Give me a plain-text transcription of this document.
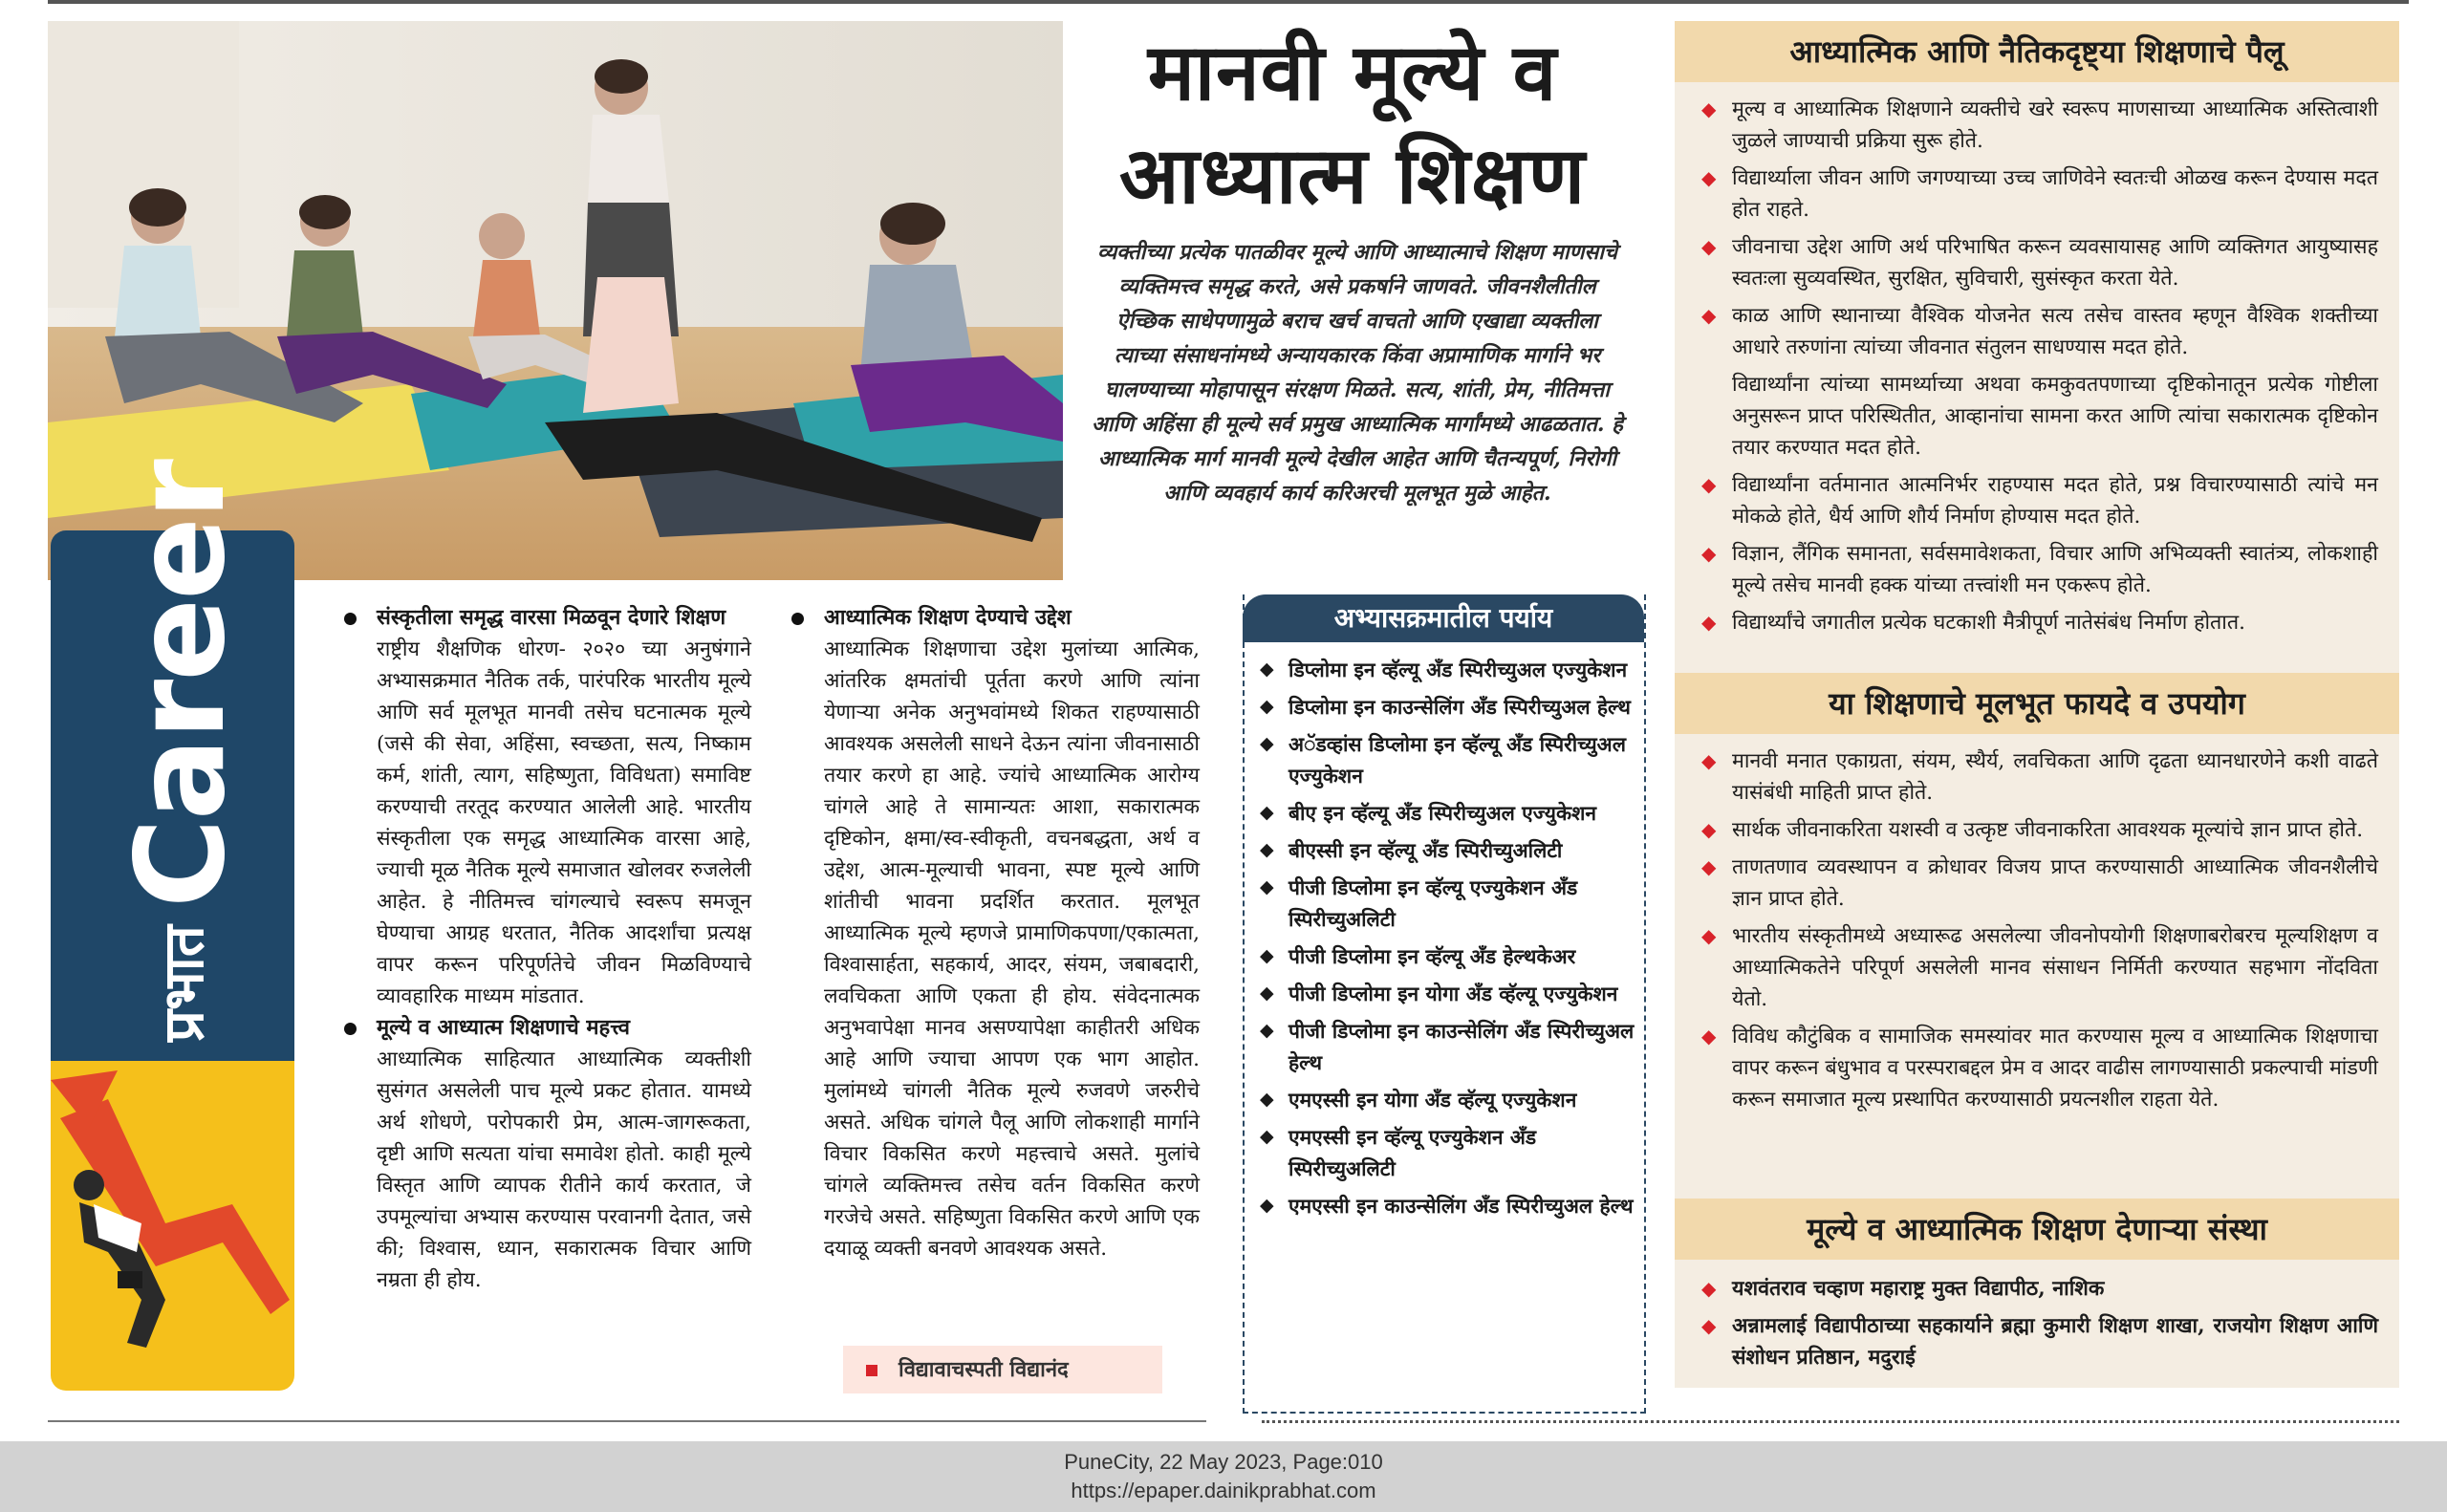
मानवी मूल्ये व
आध्यात्म शिक्षण
व्यक्तीच्या प्रत्येक पातळीवर मूल्ये आणि आध्यात्माचे शिक्षण माणसाचे व्यक्तिमत्त्व समृद्ध करते, असे प्रकर्षाने जाणवते. जीवनशैलीतील ऐच्छिक साधेपणामुळे बराच खर्च वाचतो आणि एखाद्या व्यक्तीला त्याच्या संसाधनांमध्ये अन्यायकारक किंवा अप्रामाणिक मार्गाने भर घालण्याच्या मोहापासून संरक्षण मिळते. सत्य, शांती, प्रेम, नीतिमत्ता आणि अहिंसा ही मूल्ये सर्व प्रमुख आध्यात्मिक मार्गांमध्ये आढळतात. हे आध्यात्मिक मार्ग मानवी मूल्ये देखील आहेत आणि चैतन्यपूर्ण, निरोगी आणि व्यवहार्य कार्य करिअरची मूलभूत मुळे आहेत.
प्रभातCareer	संस्कृतीला समृद्ध वारसा मिळवून देणारे शिक्षण

राष्ट्रीय शैक्षणिक धोरण- २०२० च्या अनुषंगाने अभ्यासक्रमात नैतिक तर्क, पारंपरिक भारतीय मूल्ये आणि सर्व मूलभूत मानवी तसेच घटनात्मक मूल्ये (जसे की सेवा, अहिंसा, स्वच्छता, सत्य, निष्काम कर्म, शांती, त्याग, सहिष्णुता, विविधता) समाविष्ट करण्याची तरतूद करण्यात आलेली आहे. भारतीय संस्कृतीला एक समृद्ध आध्यात्मिक वारसा आहे, ज्याची मूळ नैतिक मूल्ये समाजात खोलवर रुजलेली आहेत. हे नीतिमत्त्व चांगल्याचे स्वरूप समजून घेण्याचा आग्रह धरतात, नैतिक आदर्शांचा प्रत्यक्ष वापर करून परिपूर्णतेचे जीवन मिळविण्याचे व्यावहारिक माध्यम मांडतात.

मूल्ये व आध्यात्म शिक्षणाचे महत्त्व

आध्यात्मिक साहित्यात आध्यात्मिक व्यक्तीशी सुसंगत असलेली पाच मूल्ये प्रकट होतात. यामध्ये अर्थ शोधणे, परोपकारी प्रेम, आत्म-जागरूकता, दृष्टी आणि सत्यता यांचा समावेश होतो. काही मूल्ये विस्तृत आणि व्यापक रीतीने कार्य करतात, जे उपमूल्यांचा अभ्यास करण्यास परवानगी देतात, जसे की; विश्वास, ध्यान, सकारात्मक विचार आणि नम्रता ही होय.

आध्यात्मिक शिक्षण देण्याचे उद्देश

आध्यात्मिक शिक्षणाचा उद्देश मुलांच्या आत्मिक, आंतरिक क्षमतांची पूर्तता करणे आणि त्यांना येणाऱ्या अनेक अनुभवांमध्ये शिकत राहण्यासाठी आवश्यक असलेली साधने देऊन त्यांना जीवनासाठी तयार करणे हा आहे. ज्यांचे आध्यात्मिक आरोग्य चांगले आहे ते सामान्यतः आशा, सकारात्मक दृष्टिकोन, क्षमा/स्व-स्वीकृती, वचनबद्धता, अर्थ व उद्देश, आत्म-मूल्याची भावना, स्पष्ट मूल्ये आणि शांतीची भावना प्रदर्शित करतात. मूलभूत आध्यात्मिक मूल्ये म्हणजे प्रामाणिकपणा/एकात्मता, विश्वासार्हता, सहकार्य, आदर, संयम, जबाबदारी, लवचिकता आणि एकता ही होय. संवेदनात्मक अनुभवापेक्षा मानव असण्यापेक्षा काहीतरी अधिक आहे आणि ज्याचा आपण एक भाग आहोत. मुलांमध्ये चांगली नैतिक मूल्ये रुजवणे जरुरीचे असते. अधिक चांगले पैलू आणि लोकशाही मार्गाने विचार विकसित करणे महत्त्वाचे असते. मुलांचे चांगले व्यक्तिमत्त्व तसेच वर्तन विकसित करणे गरजेचे असते. सहिष्णुता विकसित करणे आणि एक दयाळू व्यक्ती बनवणे आवश्यक असते.

विद्यावाचस्पती विद्यानंद
अभ्यासक्रमातील पर्याय
◆ डिप्लोमा इन व्हॅल्यू अँड स्पिरीच्युअल एज्युकेशन
◆ डिप्लोमा इन काउन्सेलिंग अँड स्पिरीच्युअल हेल्थ
◆ अॅडव्हांस डिप्लोमा इन व्हॅल्यू अँड स्पिरीच्युअल एज्युकेशन
◆ बीए इन व्हॅल्यू अँड स्पिरीच्युअल एज्युकेशन
◆ बीएस्सी इन व्हॅल्यू अँड स्पिरीच्युअलिटी
◆ पीजी डिप्लोमा इन व्हॅल्यू एज्युकेशन अँड स्पिरीच्युअलिटी
◆ पीजी डिप्लोमा इन व्हॅल्यू अँड हेल्थकेअर
◆ पीजी डिप्लोमा इन योगा अँड व्हॅल्यू एज्युकेशन
◆ पीजी डिप्लोमा इन काउन्सेलिंग अँड स्पिरीच्युअल हेल्थ
◆ एमएस्सी इन योगा अँड व्हॅल्यू एज्युकेशन
◆ एमएस्सी इन व्हॅल्यू एज्युकेशन अँड स्पिरीच्युअलिटी
◆ एमएस्सी इन काउन्सेलिंग अँड स्पिरीच्युअल हेल्थ
आध्यात्मिक आणि नैतिकदृष्ट्या शिक्षणाचे पैलू
◆ मूल्य व आध्यात्मिक शिक्षणाने व्यक्तीचे खरे स्वरूप माणसाच्या आध्यात्मिक अस्तित्वाशी जुळले जाण्याची प्रक्रिया सुरू होते.
◆ विद्यार्थ्याला जीवन आणि जगण्याच्या उच्च जाणिवेने स्वतःची ओळख करून देण्यास मदत होत राहते.
◆ जीवनाचा उद्देश आणि अर्थ परिभाषित करून व्यवसायासह आणि व्यक्तिगत आयुष्यासह स्वतःला सुव्यवस्थित, सुरक्षित, सुविचारी, सुसंस्कृत करता येते.
◆ काळ आणि स्थानाच्या वैश्विक योजनेत सत्य तसेच वास्तव म्हणून वैश्विक शक्तीच्या आधारे तरुणांना त्यांच्या जीवनात संतुलन साधण्यास मदत होते.
विद्यार्थ्यांना त्यांच्या सामर्थ्याच्या अथवा कमकुवतपणाच्या दृष्टिकोनातून प्रत्येक गोष्टीला अनुसरून प्राप्त परिस्थितीत, आव्हानांचा सामना करत आणि त्यांचा सकारात्मक दृष्टिकोन तयार करण्यात मदत होते.
◆ विद्यार्थ्यांना वर्तमानात आत्मनिर्भर राहण्यास मदत होते, प्रश्न विचारण्यासाठी त्यांचे मन मोकळे होते, धैर्य आणि शौर्य निर्माण होण्यास मदत होते.
◆ विज्ञान, लैंगिक समानता, सर्वसमावेशकता, विचार आणि अभिव्यक्ती स्वातंत्र्य, लोकशाही मूल्ये तसेच मानवी हक्क यांच्या तत्त्वांशी मन एकरूप होते.
◆ विद्यार्थ्यांचे जगातील प्रत्येक घटकाशी मैत्रीपूर्ण नातेसंबंध निर्माण होतात.
या शिक्षणाचे मूलभूत फायदे व उपयोग
◆ मानवी मनात एकाग्रता, संयम, स्थैर्य, लवचिकता आणि दृढता ध्यानधारणेने कशी वाढते यासंबंधी माहिती प्राप्त होते.
◆ सार्थक जीवनाकरिता यशस्वी व उत्कृष्ट जीवनाकरिता आवश्यक मूल्यांचे ज्ञान प्राप्त होते.
◆ ताणतणाव व्यवस्थापन व क्रोधावर विजय प्राप्त करण्यासाठी आध्यात्मिक जीवनशैलीचे ज्ञान प्राप्त होते.
◆ भारतीय संस्कृतीमध्ये अध्यारूढ असलेल्या जीवनोपयोगी शिक्षणाबरोबरच मूल्यशिक्षण व आध्यात्मिकतेने परिपूर्ण असलेली मानव संसाधन निर्मिती करण्यात सहभाग नोंदविता येतो.
◆ विविध कौटुंबिक व सामाजिक समस्यांवर मात करण्यास मूल्य व आध्यात्मिक शिक्षणाचा वापर करून बंधुभाव व परस्पराबद्दल प्रेम व आदर वाढीस लागण्यासाठी प्रकल्पाची मांडणी करून समाजात मूल्य प्रस्थापित करण्यासाठी प्रयत्नशील राहता येते.
मूल्ये व आध्यात्मिक शिक्षण देणाऱ्या संस्था
◆ यशवंतराव चव्हाण महाराष्ट्र मुक्त विद्यापीठ, नाशिक
◆ अन्नामलाई विद्यापीठाच्या सहकार्याने ब्रह्मा कुमारी शिक्षण शाखा, राजयोग शिक्षण आणि संशोधन प्रतिष्ठान, मदुराई
PuneCity, 22 May 2023, Page:010
https://epaper.dainikprabhat.com
